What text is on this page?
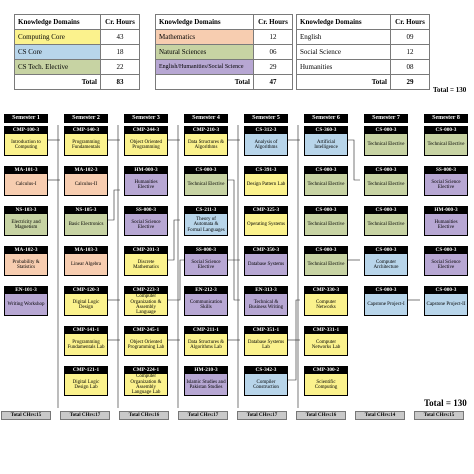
Knowledge Domains	Cr. Hours
Computing Core	43
CS Core	18
CS Tech. Elective	22
Total	83
Knowledge Domains	Cr. Hours
Mathematics	12
Natural Sciences	06
English/Humanities/Social Science	29
Total	47
Knowledge Domains	Cr. Hours
English	09
Social Science	12
Humanities	08
Total	29
Total = 130
Total = 130
Semester 1	Semester 2	Semester 3	Semester 4	Semester 5	Semester 6	Semester 7	Semester 8
CMP-100-3
Introduction to Computing
MA-101-3
Calculus-I
NS-103-3
Electricity and Magnetism
MA-102-3
Probability & Statistics
EN-101-3
Writing Workshop
CMP-140-3
Programming Fundamentals
MA-102-3
Calculus-II
NS-105-3
Basic Electronics
MA-103-3
Linear Algebra
CMP-120-3
Digital Logic Design
CMP-141-1
Programming Fundamentals Lab
CMP-121-1
Digital Logic Design Lab
CMP-244-3
Object Oriented Programming
HM-000-3
Humanities Elective
SS-000-3
Social Science Elective
CMP-201-3
Discrete Mathematics
CMP-223-3
Computer Organization & Assembly Language
CMP-245-1
Object Oriented Programming Lab
CMP-224-1
Computer Organization & Assembly Language Lab
CMP-210-3
Data Structures & Algorithms
CS-000-3
Technical Elective
CS-211-3
Theory of Automata & Formal Languages
SS-000-3
Social Science Elective
EN-212-3
Communication Skills
CMP-211-1
Data Structures & Algorithms Lab
HM-210-3
Islamic Studies and Pakistan Studies
CS-312-3
Analysis of Algorithms
CS-391-3
Design Pattern Lab
CMP-325-3
Operating Systems
CMP-350-3
Database Systems
EN-313-3
Technical & Business Writing
CMP-351-1
Database Systems Lab
CS-342-3
Compiler Construction
CS-360-3
Artificial Intelligence
CS-000-3
Technical Elective
CS-000-3
Technical Elective
CS-000-3
Technical Elective
CMP-330-3
Computer Networks
CMP-331-1
Computer Networks Lab
CMP-300-2
Scientific Computing
CS-000-3
Technical Elective
CS-000-3
Technical Elective
CS-000-3
Technical Elective
CS-000-3
Computer Architecture
CS-000-3
Capstone Project-I
CS-000-3
Technical Elective
SS-000-3
Social Science Elective
HM-000-3
Humanities Elective
CS-000-3
Social Science Elective
CS-000-3
Capstone Project-II
Total CHrs:15	Total CHrs:17	Total CHrs:16	Total CHrs:17	Total CHrs:17	Total CHrs:16	Total CHrs:14	Total CHrs:15
